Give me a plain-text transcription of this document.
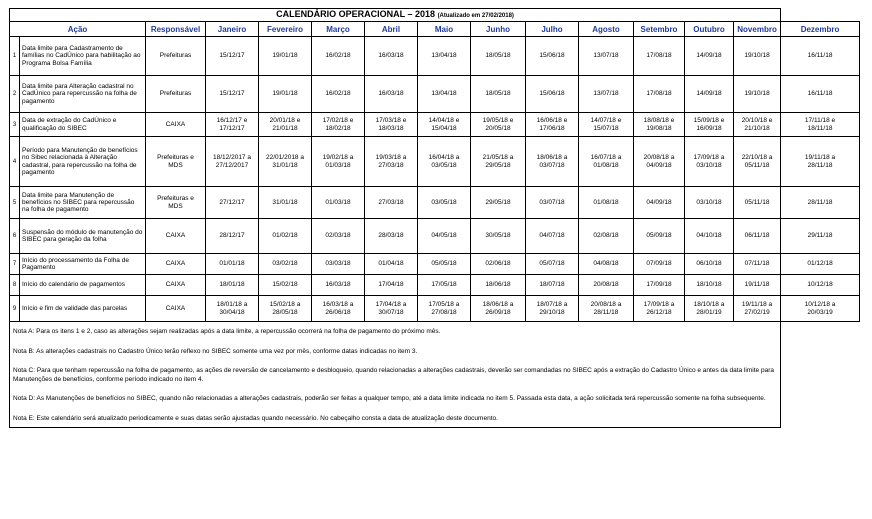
CALENDÁRIO OPERACIONAL – 2018 (Atualizado em 27/02/2018)														
Ação		Responsável	Janeiro	Fevereiro	Março	Abril	Maio	Junho	Julho	Agosto	Setembro	Outubro	Novembro	Dezembro
1	Data limite para Cadastramento de famílias no CadÚnico para habilitação ao Programa Bolsa Família	Prefeituras	15/12/17	19/01/18	16/02/18	16/03/18	13/04/18	18/05/18	15/06/18	13/07/18	17/08/18	14/09/18	19/10/18	16/11/18

2	Data limite para Alteração cadastral no CadÚnico para repercussão na folha de pagamento	Prefeituras	15/12/17	19/01/18	16/02/18	16/03/18	13/04/18	18/05/18	15/06/18	13/07/18	17/08/18	14/09/18	19/10/18	16/11/18

3	Data de extração do CadÚnico e qualificação do SIBEC	CAIXA	16/12/17 e
17/12/17	20/01/18 e
21/01/18	17/02/18 e
18/02/18	17/03/18 e
18/03/18	14/04/18 e
15/04/18	19/05/18 e
20/05/18	16/06/18 e
17/06/18	14/07/18 e
15/07/18	18/08/18 e
19/08/18	15/09/18 e
16/09/18	20/10/18 e
21/10/18	17/11/18 e
18/11/18

4	Período para Manutenção de benefícios no Sibec relacionada à Alteração cadastral, para repercussão na folha de pagamento	Prefeituras e
MDS	18/12/2017 a
27/12/2017	22/01/2018 a
31/01/18	19/02/18 a
01/03/18	19/03/18 a
27/03/18	16/04/18 a
03/05/18	21/05/18 a
29/05/18	18/06/18 a
03/07/18	16/07/18 a
01/08/18	20/08/18 a
04/09/18	17/09/18 a
03/10/18	22/10/18 a
05/11/18	19/11/18 a
28/11/18

5	Data limite para Manutenção de benefícios no SIBEC para repercussão na folha de pagamento	Prefeituras e
MDS	27/12/17	31/01/18	01/03/18	27/03/18	03/05/18	29/05/18	03/07/18	01/08/18	04/09/18	03/10/18	05/11/18	28/11/18

6	Suspensão do módulo de manutenção do SIBEC para geração da folha	CAIXA	28/12/17	01/02/18	02/03/18	28/03/18	04/05/18	30/05/18	04/07/18	02/08/18	05/09/18	04/10/18	06/11/18	29/11/18

7	Início do processamento da Folha de Pagamento	CAIXA	01/01/18	03/02/18	03/03/18	01/04/18	05/05/18	02/06/18	05/07/18	04/08/18	07/09/18	06/10/18	07/11/18	01/12/18

8	Início do calendário de pagamentos	CAIXA	18/01/18	15/02/18	16/03/18	17/04/18	17/05/18	18/06/18	18/07/18	20/08/18	17/09/18	18/10/18	19/11/18	10/12/18

9	Início e fim de validade das parcelas	CAIXA	18/01/18 a
30/04/18	15/02/18 a
28/05/18	16/03/18 a
26/06/18	17/04/18 a
30/07/18	17/05/18 a
27/08/18	18/06/18 a
26/09/18	18/07/18 a
29/10/18	20/08/18 a
28/11/18	17/09/18 a
26/12/18	18/10/18 a
28/01/19	19/11/18 a
27/02/19	10/12/18 a
20/03/19

Nota A: Para os itens 1 e 2, caso as alterações sejam realizadas após a data limite, a repercussão ocorrerá na folha de pagamento do próximo mês.

Nota B: As alterações cadastrais no Cadastro Único terão reflexo no SIBEC somente uma vez por mês, conforme datas indicadas no item 3.

Nota C: Para que tenham repercussão na folha de pagamento, as ações de reversão de cancelamento e desbloqueio, quando relacionadas a alterações cadastrais, deverão ser comandadas no SIBEC após a extração do Cadastro Único e antes da data limite para Manutenções de benefícios, conforme período indicado no item 4.

Nota D: As Manutenções de benefícios no SIBEC, quando não relacionadas a alterações cadastrais, poderão ser feitas a qualquer tempo, até a data limite indicada no item 5. Passada esta data, a ação solicitada terá repercussão somente na folha subsequente.

Nota E: Este calendário será atualizado periodicamente e suas datas serão ajustadas quando necessário. No cabeçalho consta a data de atualização deste documento.														
